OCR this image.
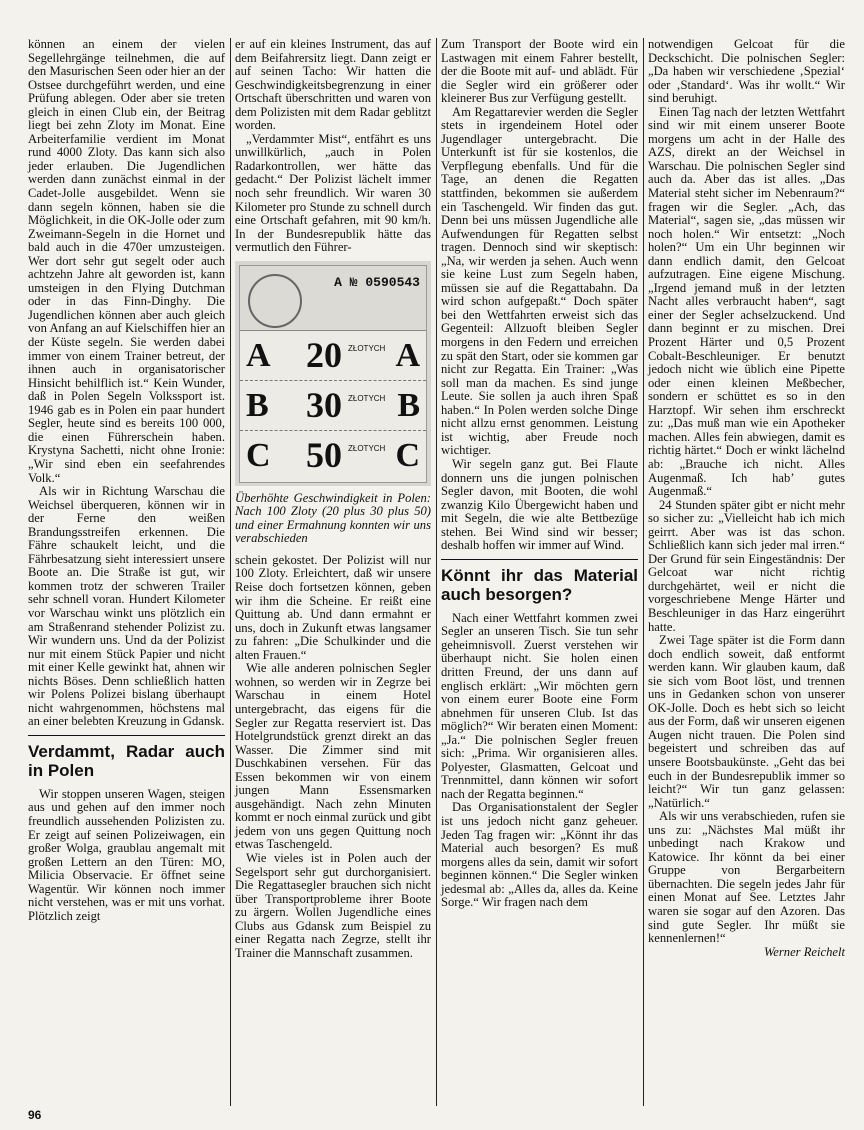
können an einem der vielen Segellehrgänge teilnehmen, die auf den Masurischen Seen oder hier an der Ostsee durchgeführt werden, und eine Prüfung ablegen. Oder aber sie treten gleich in einen Club ein, der Beitrag liegt bei zehn Zloty im Monat. Eine Arbeiterfamilie verdient im Monat rund 4000 Zloty. Das kann sich also jeder erlauben. Die Jugendlichen werden dann zunächst einmal in der Cadet-Jolle ausgebildet. Wenn sie dann segeln können, haben sie die Möglichkeit, in die OK-Jolle oder zum Zweimann-Segeln in die Hornet und bald auch in die 470er umzusteigen. Wer dort sehr gut segelt oder auch achtzehn Jahre alt geworden ist, kann umsteigen in den Flying Dutchman oder in das Finn-Dinghy. Die Jugendlichen können aber auch gleich von Anfang an auf Kielschiffen hier an der Küste segeln. Sie werden dabei immer von einem Trainer betreut, der ihnen auch in organisatorischer Hinsicht behilflich ist.“ Kein Wunder, daß in Polen Segeln Volkssport ist. 1946 gab es in Polen ein paar hundert Segler, heute sind es bereits 100 000, die einen Führerschein haben. Krystyna Sachetti, nicht ohne Ironie: „Wir sind eben ein seefahrendes Volk.“

Als wir in Richtung Warschau die Weichsel überqueren, können wir in der Ferne den weißen Brandungsstreifen erkennen. Die Fähre schaukelt leicht, und die Fährbesatzung sieht interessiert unsere Boote an. Die Straße ist gut, wir kommen trotz der schweren Trailer sehr schnell voran. Hundert Kilometer vor Warschau winkt uns plötzlich ein am Straßenrand stehender Polizist zu. Wir wundern uns. Und da der Polizist nur mit einem Stück Papier und nicht mit einer Kelle gewinkt hat, ahnen wir nichts Böses. Denn schließlich hatten wir Polens Polizei bislang überhaupt nicht wahrgenommen, höchstens mal an einer belebten Kreuzung in Gdansk.

Verdammt, Radar auch in Polen

Wir stoppen unseren Wagen, steigen aus und gehen auf den immer noch freundlich aussehenden Polizisten zu. Er zeigt auf seinen Polizeiwagen, ein großer Wolga, graublau angemalt mit großen Lettern an den Türen: MO, Milicia Observacie. Er öffnet seine Wagentür. Wir können noch immer nicht verstehen, was er mit uns vorhat. Plötzlich zeigt

er auf ein kleines Instrument, das auf dem Beifahrersitz liegt. Dann zeigt er auf seinen Tacho: Wir hatten die Geschwindigkeitsbegrenzung in einer Ortschaft überschritten und waren von dem Polizisten mit dem Radar geblitzt worden.

„Verdammter Mist“, entfährt es uns unwillkürlich, „auch in Polen Radarkontrollen, wer hätte das gedacht.“ Der Polizist lächelt immer noch sehr freundlich. Wir waren 30 Kilometer pro Stunde zu schnell durch eine Ortschaft gefahren, mit 90 km/h. In der Bundesrepublik hätte das vermutlich den Führer-

A № 0590543
A 20 ZŁOTYCH A
B 30 ZŁOTYCH B
C 50 ZŁOTYCH C

Überhöhte Geschwindigkeit in Polen: Nach 100 Zloty (20 plus 30 plus 50) und einer Ermahnung konnten wir uns verabschieden

schein gekostet. Der Polizist will nur 100 Zloty. Erleichtert, daß wir unsere Reise doch fortsetzen können, geben wir ihm die Scheine. Er reißt eine Quittung ab. Und dann ermahnt er uns, doch in Zukunft etwas langsamer zu fahren: „Die Schulkinder und die alten Frauen.“

Wie alle anderen polnischen Segler wohnen, so werden wir in Zegrze bei Warschau in einem Hotel untergebracht, das eigens für die Segler zur Regatta reserviert ist. Das Hotelgrundstück grenzt direkt an das Wasser. Die Zimmer sind mit Duschkabinen versehen. Für das Essen bekommen wir von einem jungen Mann Essensmarken ausgehändigt. Nach zehn Minuten kommt er noch einmal zurück und gibt jedem von uns gegen Quittung noch etwas Taschengeld.

Wie vieles ist in Polen auch der Segelsport sehr gut durchorganisiert. Die Regattasegler brauchen sich nicht über Transportprobleme ihrer Boote zu ärgern. Wollen Jugendliche eines Clubs aus Gdansk zum Beispiel zu einer Regatta nach Zegrze, stellt ihr Trainer die Mannschaft zusammen.

Zum Transport der Boote wird ein Lastwagen mit einem Fahrer bestellt, der die Boote mit auf- und ablädt. Für die Segler wird ein größerer oder kleinerer Bus zur Verfügung gestellt.

Am Regattarevier werden die Segler stets in irgendeinem Hotel oder Jugendlager untergebracht. Die Unterkunft ist für sie kostenlos, die Verpflegung ebenfalls. Und für die Tage, an denen die Regatten stattfinden, bekommen sie außerdem ein Taschengeld. Wir finden das gut. Denn bei uns müssen Jugendliche alle Aufwendungen für Regatten selbst tragen. Dennoch sind wir skeptisch: „Na, wir werden ja sehen. Auch wenn sie keine Lust zum Segeln haben, müssen sie auf die Regattabahn. Da wird schon aufgepaßt.“ Doch später bei den Wettfahrten erweist sich das Gegenteil: Allzuoft bleiben Segler morgens in den Federn und erreichen zu spät den Start, oder sie kommen gar nicht zur Regatta. Ein Trainer: „Was soll man da machen. Es sind junge Leute. Sie sollen ja auch ihren Spaß haben.“ In Polen werden solche Dinge nicht allzu ernst genommen. Leistung ist wichtig, aber Freude noch wichtiger.

Wir segeln ganz gut. Bei Flaute donnern uns die jungen polnischen Segler davon, mit Booten, die wohl zwanzig Kilo Übergewicht haben und mit Segeln, die wie alte Bettbezüge stehen. Bei Wind sind wir besser; deshalb hoffen wir immer auf Wind.

Könnt ihr das Material auch besorgen?

Nach einer Wettfahrt kommen zwei Segler an unseren Tisch. Sie tun sehr geheimnisvoll. Zuerst verstehen wir überhaupt nicht. Sie holen einen dritten Freund, der uns dann auf englisch erklärt: „Wir möchten gern von einem eurer Boote eine Form abnehmen für unseren Club. Ist das möglich?“ Wir beraten einen Moment: „Ja.“ Die polnischen Segler freuen sich: „Prima. Wir organisieren alles. Polyester, Glasmatten, Gelcoat und Trennmittel, dann können wir sofort nach der Regatta beginnen.“

Das Organisationstalent der Segler ist uns jedoch nicht ganz geheuer. Jeden Tag fragen wir: „Könnt ihr das Material auch besorgen? Es muß morgens alles da sein, damit wir sofort beginnen können.“ Die Segler winken jedesmal ab: „Alles da, alles da. Keine Sorge.“ Wir fragen nach dem

notwendigen Gelcoat für die Deckschicht. Die polnischen Segler: „Da haben wir verschiedene ‚Spezial‘ oder ‚Standard‘. Was ihr wollt.“ Wir sind beruhigt.

Einen Tag nach der letzten Wettfahrt sind wir mit einem unserer Boote morgens um acht in der Halle des AZS, direkt an der Weichsel in Warschau. Die polnischen Segler sind auch da. Aber das ist alles. „Das Material steht sicher im Nebenraum?“ fragen wir die Segler. „Ach, das Material“, sagen sie, „das müssen wir noch holen.“ Wir entsetzt: „Noch holen?“ Um ein Uhr beginnen wir dann endlich damit, den Gelcoat aufzutragen. Eine eigene Mischung. „Irgend jemand muß in der letzten Nacht alles verbraucht haben“, sagt einer der Segler achselzuckend. Und dann beginnt er zu mischen. Drei Prozent Härter und 0,5 Prozent Cobalt-Beschleuniger. Er benutzt jedoch nicht wie üblich eine Pipette oder einen kleinen Meßbecher, sondern er schüttet es so in den Harztopf. Wir sehen ihm erschreckt zu: „Das muß man wie ein Apotheker machen. Alles fein abwiegen, damit es richtig härtet.“ Doch er winkt lächelnd ab: „Brauche ich nicht. Alles Augenmaß. Ich hab’ gutes Augenmaß.“

24 Stunden später gibt er nicht mehr so sicher zu: „Vielleicht hab ich mich geirrt. Aber was ist das schon. Schließlich kann sich jeder mal irren.“ Der Grund für sein Eingeständnis: Der Gelcoat war nicht richtig durchgehärtet, weil er nicht die vorgeschriebene Menge Härter und Beschleuniger in das Harz eingerührt hatte.

Zwei Tage später ist die Form dann doch endlich soweit, daß entformt werden kann. Wir glauben kaum, daß sie sich vom Boot löst, und trennen uns in Gedanken schon von unserer OK-Jolle. Doch es hebt sich so leicht aus der Form, daß wir unseren eigenen Augen nicht trauen. Die Polen sind begeistert und schreiben das auf unsere Bootsbaukünste. „Geht das bei euch in der Bundesrepublik immer so leicht?“ Wir tun ganz gelassen: „Natürlich.“

Als wir uns verabschieden, rufen sie uns zu: „Nächstes Mal müßt ihr unbedingt nach Krakow und Katowice. Ihr könnt da bei einer Gruppe von Bergarbeitern übernachten. Die segeln jedes Jahr für einen Monat auf See. Letztes Jahr waren sie sogar auf den Azoren. Das sind gute Segler. Ihr müßt sie kennenlernen!“

Werner Reichelt

96
